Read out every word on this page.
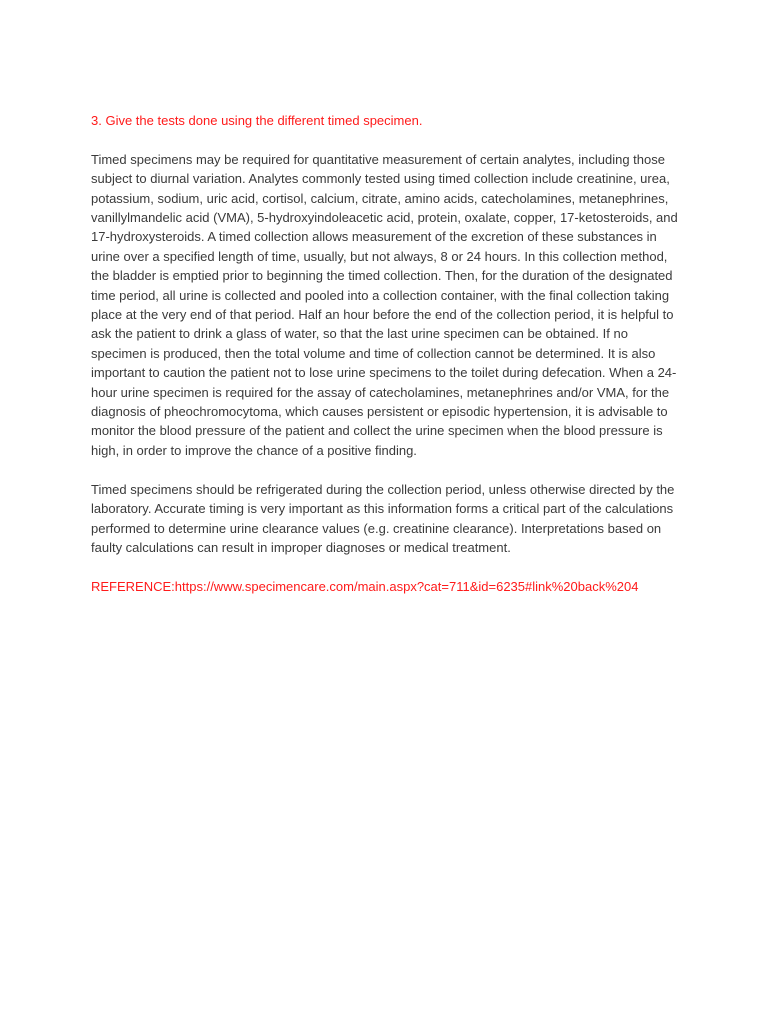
3. Give the tests done using the different timed specimen.

Timed specimens may be required for quantitative measurement of certain analytes, including those subject to diurnal variation. Analytes commonly tested using timed collection include creatinine, urea, potassium, sodium, uric acid, cortisol, calcium, citrate, amino acids, catecholamines, metanephrines, vanillylmandelic acid (VMA), 5-hydroxyindoleacetic acid, protein, oxalate, copper, 17-ketosteroids, and 17-hydroxysteroids. A timed collection allows measurement of the excretion of these substances in urine over a specified length of time, usually, but not always, 8 or 24 hours. In this collection method, the bladder is emptied prior to beginning the timed collection. Then, for the duration of the designated time period, all urine is collected and pooled into a collection container, with the final collection taking place at the very end of that period. Half an hour before the end of the collection period, it is helpful to ask the patient to drink a glass of water, so that the last urine specimen can be obtained. If no specimen is produced, then the total volume and time of collection cannot be determined. It is also important to caution the patient not to lose urine specimens to the toilet during defecation. When a 24-hour urine specimen is required for the assay of catecholamines, metanephrines and/or VMA, for the diagnosis of pheochromocytoma, which causes persistent or episodic hypertension, it is advisable to monitor the blood pressure of the patient and collect the urine specimen when the blood pressure is high, in order to improve the chance of a positive finding.

Timed specimens should be refrigerated during the collection period, unless otherwise directed by the laboratory. Accurate timing is very important as this information forms a critical part of the calculations performed to determine urine clearance values (e.g. creatinine clearance). Interpretations based on faulty calculations can result in improper diagnoses or medical treatment.

REFERENCE:https://www.specimencare.com/main.aspx?cat=711&id=6235#link%20back%204
